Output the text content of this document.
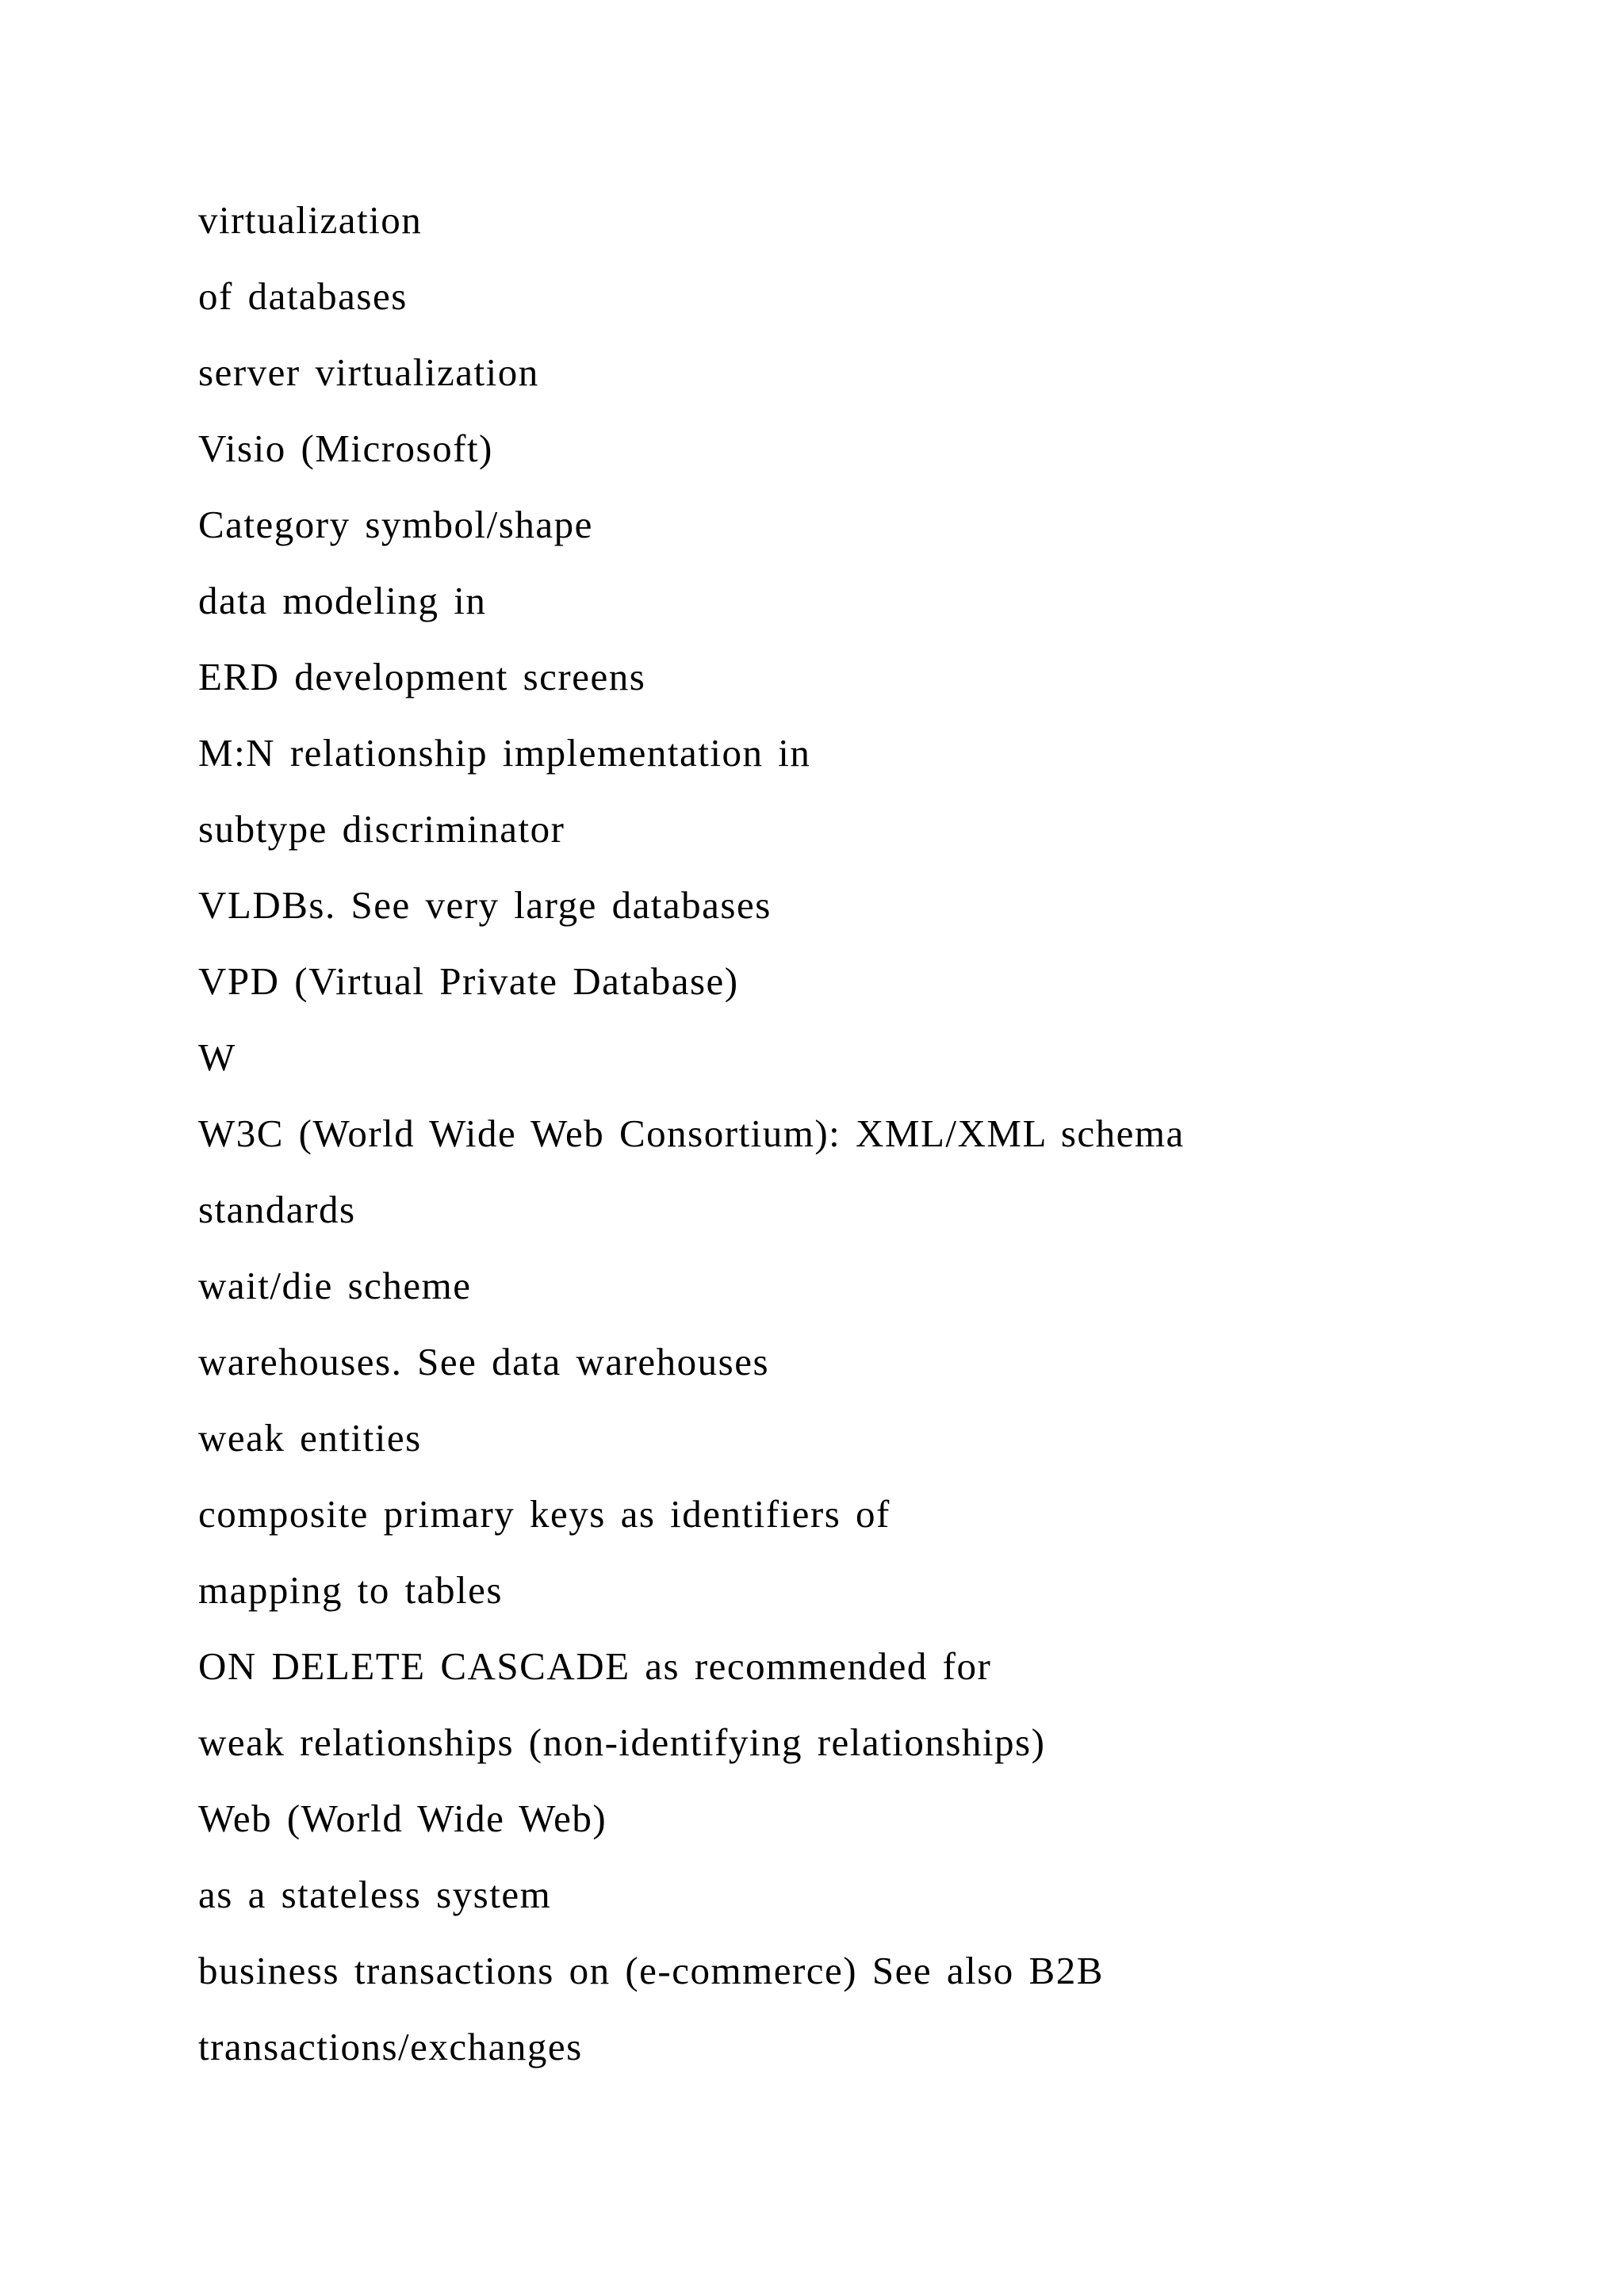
virtualization
of databases
server virtualization
Visio (Microsoft)
Category symbol/shape
data modeling in
ERD development screens
M:N relationship implementation in
subtype discriminator
VLDBs. See very large databases
VPD (Virtual Private Database)
W
W3C (World Wide Web Consortium): XML/XML schema
standards
wait/die scheme
warehouses. See data warehouses
weak entities
composite primary keys as identifiers of
mapping to tables
ON DELETE CASCADE as recommended for
weak relationships (non-identifying relationships)
Web (World Wide Web)
as a stateless system
business transactions on (e-commerce) See also B2B
transactions/exchanges
